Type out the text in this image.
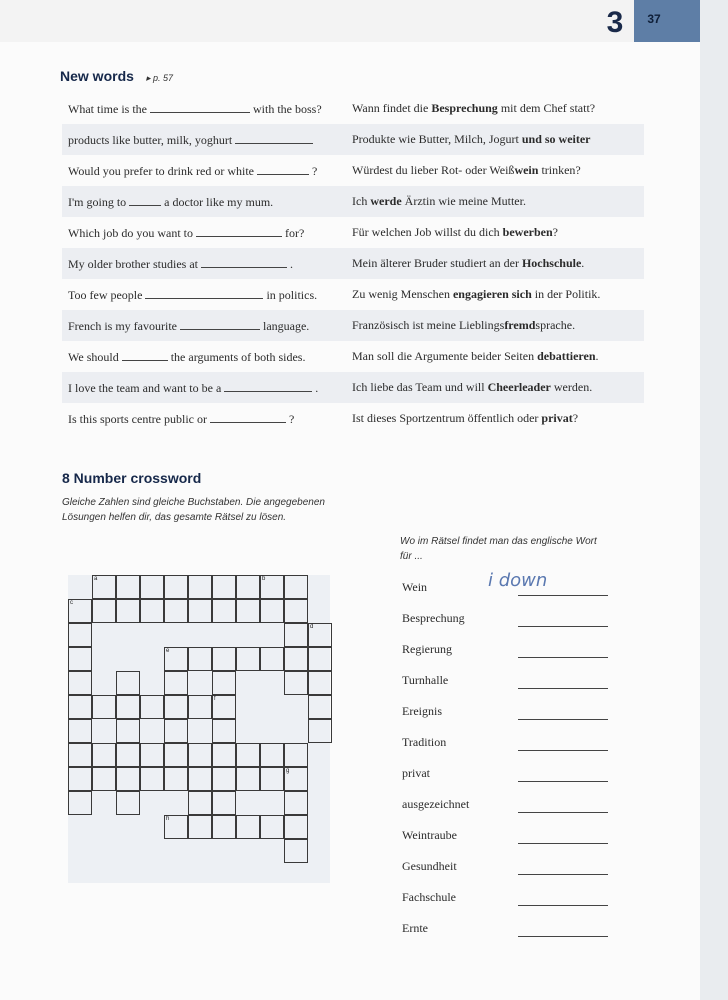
3	37
New words ▸ p. 57
What time is the	with the boss?	Wann findet die Besprechung mit dem Chef statt?
products like butter, milk, yoghurt	Produkte wie Butter, Milch, Jogurt und so weiter
Would you prefer to drink red or white	?	Würdest du lieber Rot- oder Weißwein trinken?
I'm going to	a doctor like my mum.	Ich werde Ärztin wie meine Mutter.
Which job do you want to	for?	Für welchen Job willst du dich bewerben?
My older brother studies at	.	Mein älterer Bruder studiert an der Hochschule.
Too few people	in politics.	Zu wenig Menschen engagieren sich in der Politik.
French is my favourite	language.	Französisch ist meine Lieblingsfremdsprache.
We should	the arguments of both sides.	Man soll die Argumente beider Seiten debattieren.
I love the team and want to be a	.	Ich liebe das Team und will Cheerleader werden.
Is this sports centre public or	?	Ist dieses Sportzentrum öffentlich oder privat?
8 Number crossword
Gleiche Zahlen sind gleiche Buchstaben. Die angegebenen Lösungen helfen dir, das gesamte Rätsel zu lösen.
Wo im Rätsel findet man das englische Wort für ...
a	b
c
d
e
f
g
h
Wein	i down
Besprechung
Regierung
Turnhalle
Ereignis
Tradition
privat
ausgezeichnet
Weintraube
Gesundheit
Fachschule
Ernte
